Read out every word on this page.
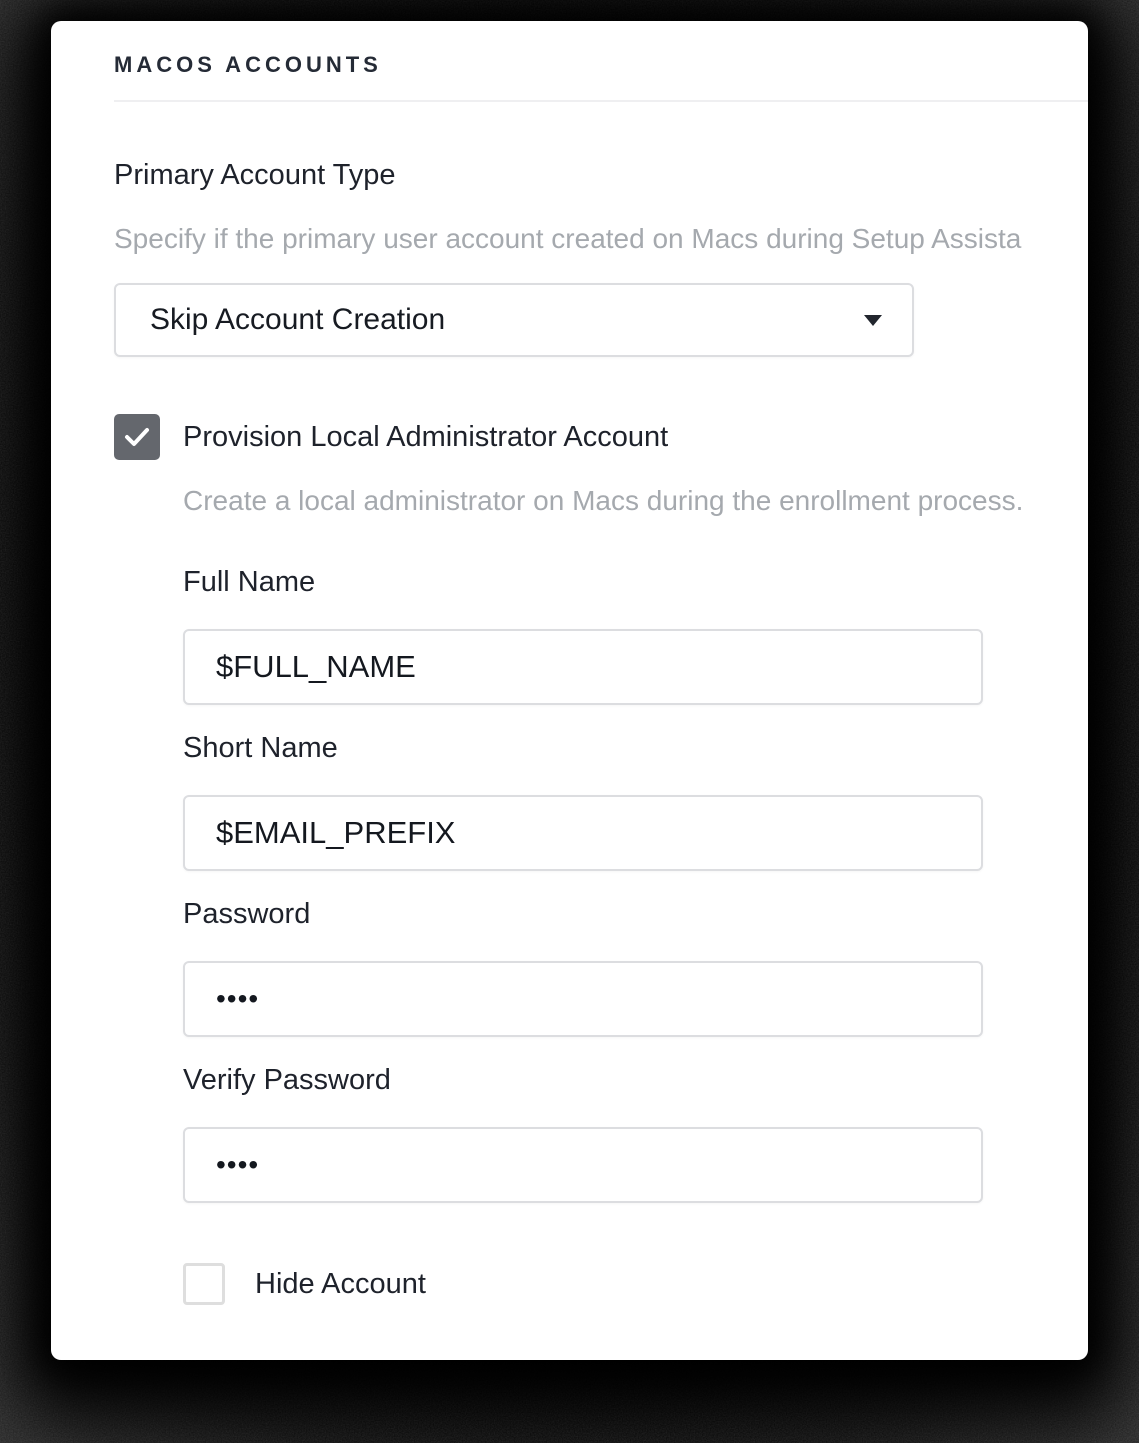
MACOS ACCOUNTS
Primary Account Type
Specify if the primary user account created on Macs during Setup Assista
Skip Account Creation
Provision Local Administrator Account
Create a local administrator on Macs during the enrollment process.
Full Name
$FULL_NAME
Short Name
$EMAIL_PREFIX
Password
••••
Verify Password
••••
Hide Account
